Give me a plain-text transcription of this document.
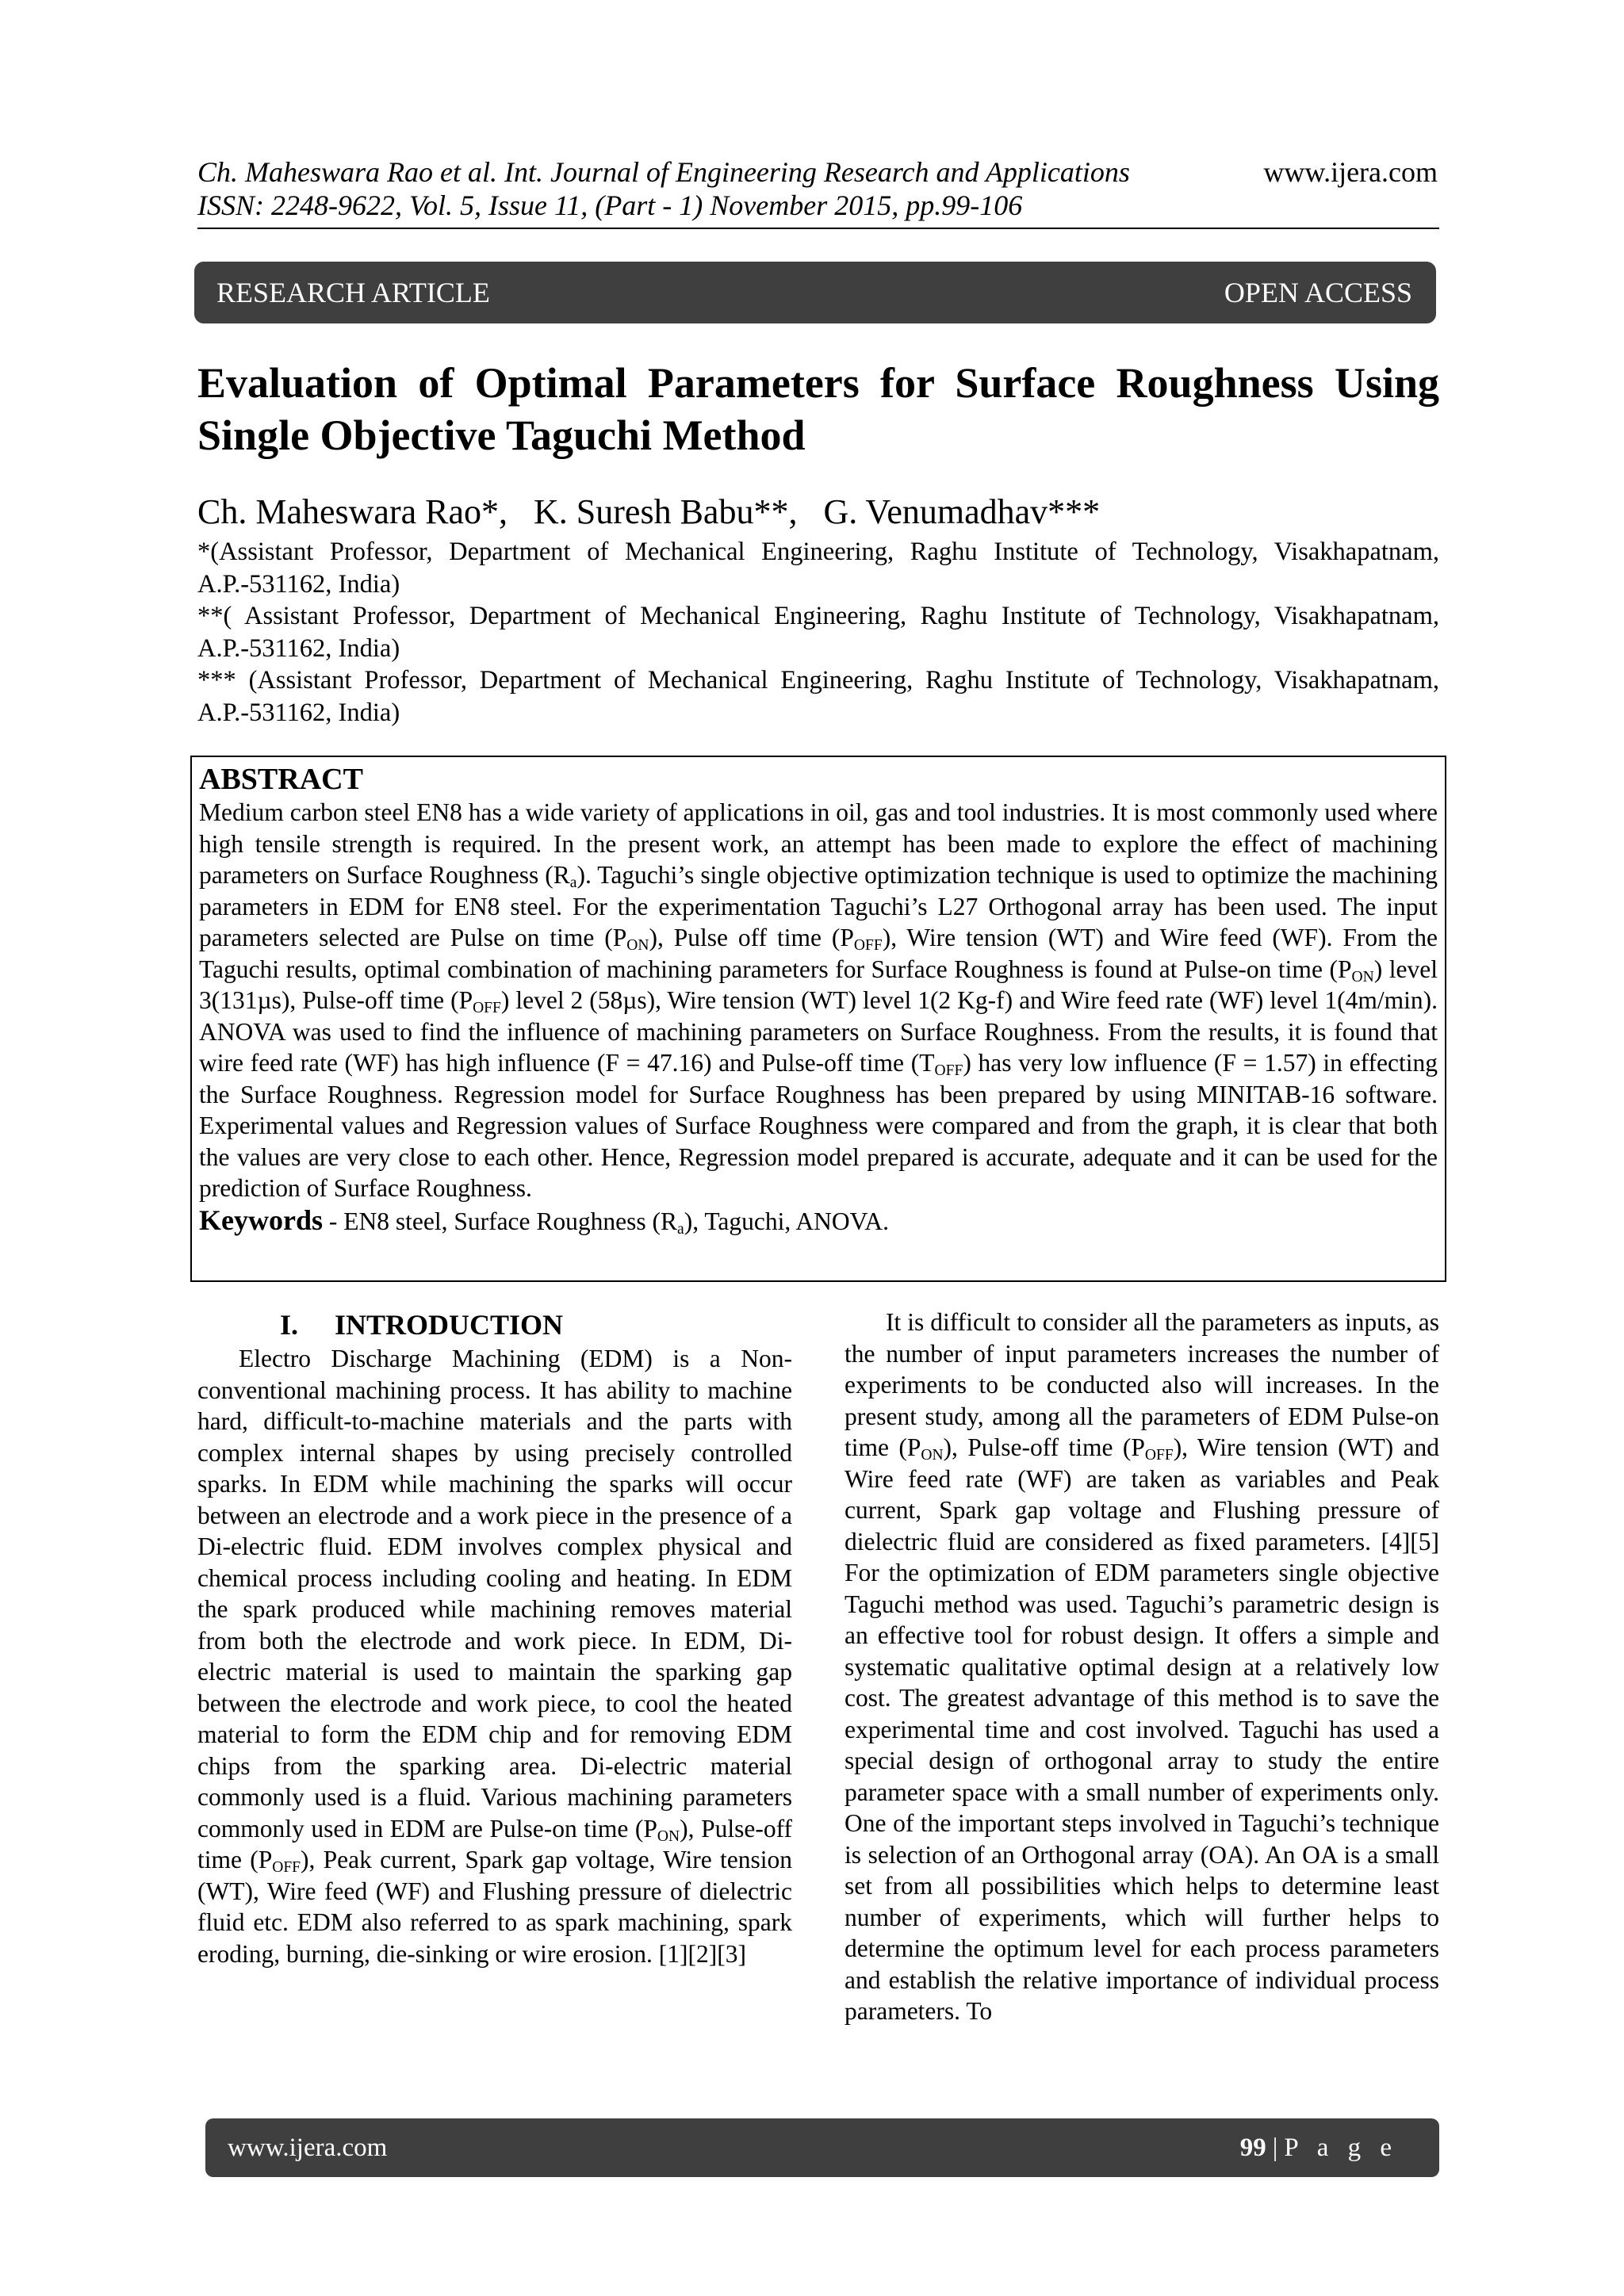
Ch. Maheswara Rao et al. Int. Journal of Engineering Research and Applications
ISSN: 2248-9622, Vol. 5, Issue 11, (Part - 1) November 2015, pp.99-106
www.ijera.com
RESEARCH ARTICLE	OPEN ACCESS
Evaluation of Optimal Parameters for Surface Roughness Using Single Objective Taguchi Method
Ch. Maheswara Rao*,   K. Suresh Babu**,   G. Venumadhav***

*(Assistant Professor, Department of Mechanical Engineering, Raghu Institute of Technology, Visakhapatnam, A.P.-531162, India)

**( Assistant Professor, Department of Mechanical Engineering, Raghu Institute of Technology, Visakhapatnam, A.P.-531162, India)

*** (Assistant Professor, Department of Mechanical Engineering, Raghu Institute of Technology, Visakhapatnam, A.P.-531162, India)

ABSTRACT

Medium carbon steel EN8 has a wide variety of applications in oil, gas and tool industries. It is most commonly used where high tensile strength is required. In the present work, an attempt has been made to explore the effect of machining parameters on Surface Roughness $(R_a)$. Taguchi’s single objective optimization technique is used to optimize the machining parameters in EDM for EN8 steel. For the experimentation Taguchi’s L27 Orthogonal array has been used. The input parameters selected are Pulse on time $(P_{ON})$, Pulse off time $(P_{OFF})$, Wire tension (WT) and Wire feed (WF). From the Taguchi results, optimal combination of machining parameters for Surface Roughness is found at Pulse-on time $(P_{ON})$ level 3(131µs), Pulse-off time $(P_{OFF})$ level 2 (58µs), Wire tension (WT) level 1(2 Kg-f) and Wire feed rate (WF) level 1(4m/min). ANOVA was used to find the influence of machining parameters on Surface Roughness. From the results, it is found that wire feed rate (WF) has high influence (F = 47.16) and Pulse-off time $(T_{OFF})$ has very low influence (F = 1.57) in effecting the Surface Roughness. Regression model for Surface Roughness has been prepared by using MINITAB-16 software. Experimental values and Regression values of Surface Roughness were compared and from the graph, it is clear that both the values are very close to each other. Hence, Regression model prepared is accurate, adequate and it can be used for the prediction of Surface Roughness.

Keywords - EN8 steel, Surface Roughness $(R_a)$, Taguchi, ANOVA.

I. INTRODUCTION

Electro Discharge Machining (EDM) is a Non-conventional machining process. It has ability to machine hard, difficult-to-machine materials and the parts with complex internal shapes by using precisely controlled sparks. In EDM while machining the sparks will occur between an electrode and a work piece in the presence of a Di-electric fluid. EDM involves complex physical and chemical process including cooling and heating. In EDM the spark produced while machining removes material from both the electrode and work piece. In EDM, Di-electric material is used to maintain the sparking gap between the electrode and work piece, to cool the heated material to form the EDM chip and for removing EDM chips from the sparking area. Di-electric material commonly used is a fluid. Various machining parameters commonly used in EDM are Pulse-on time $(P_{ON})$, Pulse-off time $(P_{OFF})$, Peak current, Spark gap voltage, Wire tension (WT), Wire feed (WF) and Flushing pressure of dielectric fluid etc. EDM also referred to as spark machining, spark eroding, burning, die-sinking or wire erosion. [1][2][3]

It is difficult to consider all the parameters as inputs, as the number of input parameters increases the number of experiments to be conducted also will increases. In the present study, among all the parameters of EDM Pulse-on time $(P_{ON})$, Pulse-off time $(P_{OFF})$, Wire tension (WT) and Wire feed rate (WF) are taken as variables and Peak current, Spark gap voltage and Flushing pressure of dielectric fluid are considered as fixed parameters. [4][5] For the optimization of EDM parameters single objective Taguchi method was used. Taguchi’s parametric design is an effective tool for robust design. It offers a simple and systematic qualitative optimal design at a relatively low cost. The greatest advantage of this method is to save the experimental time and cost involved. Taguchi has used a special design of orthogonal array to study the entire parameter space with a small number of experiments only. One of the important steps involved in Taguchi’s technique is selection of an Orthogonal array (OA). An OA is a small set from all possibilities which helps to determine least number of experiments, which will further helps to determine the optimum level for each process parameters and establish the relative importance of individual process parameters. To

www.ijera.com	99 | P a g e
